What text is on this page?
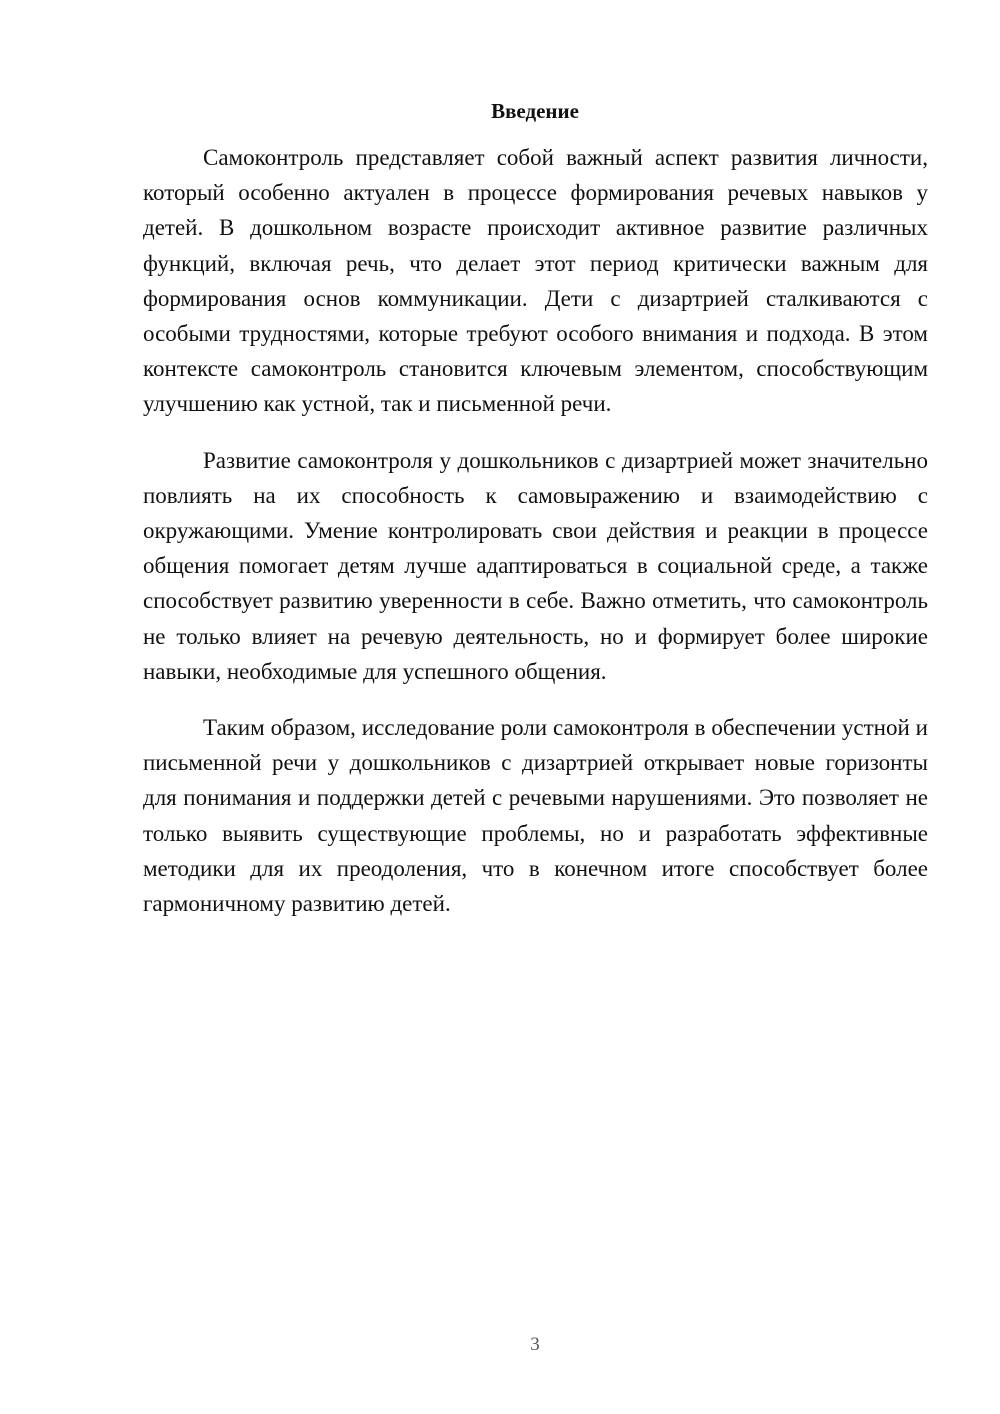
Введение

Самоконтроль представляет собой важный аспект развития личности, который особенно актуален в процессе формирования речевых навыков у детей. В дошкольном возрасте происходит активное развитие различных функций, включая речь, что делает этот период критически важным для формирования основ коммуникации. Дети с дизартрией сталкиваются с особыми трудностями, которые требуют особого внимания и подхода. В этом контексте самоконтроль становится ключевым элементом, способствующим улучшению как устной, так и письменной речи.

Развитие самоконтроля у дошкольников с дизартрией может значительно повлиять на их способность к самовыражению и взаимодействию с окружающими. Умение контролировать свои действия и реакции в процессе общения помогает детям лучше адаптироваться в социальной среде, а также способствует развитию уверенности в себе. Важно отметить, что самоконтроль не только влияет на речевую деятельность, но и формирует более широкие навыки, необходимые для успешного общения.

Таким образом, исследование роли самоконтроля в обеспечении устной и письменной речи у дошкольников с дизартрией открывает новые горизонты для понимания и поддержки детей с речевыми нарушениями. Это позволяет не только выявить существующие проблемы, но и разработать эффективные методики для их преодоления, что в конечном итоге способствует более гармоничному развитию детей.

3
